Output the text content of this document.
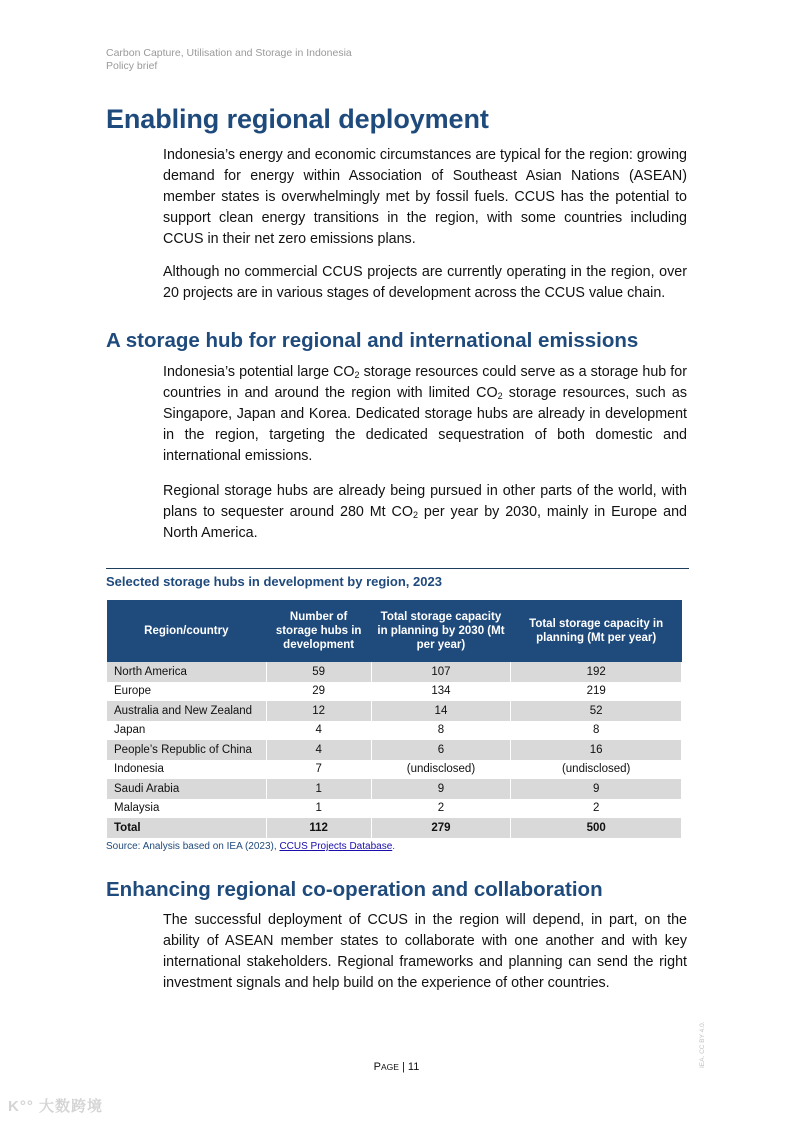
Carbon Capture, Utilisation and Storage in Indonesia
Policy brief
Enabling regional deployment

Indonesia’s energy and economic circumstances are typical for the region: growing demand for energy within Association of Southeast Asian Nations (ASEAN) member states is overwhelmingly met by fossil fuels. CCUS has the potential to support clean energy transitions in the region, with some countries including CCUS in their net zero emissions plans.

Although no commercial CCUS projects are currently operating in the region, over 20 projects are in various stages of development across the CCUS value chain.

A storage hub for regional and international emissions

Indonesia’s potential large $CO_2$ storage resources could serve as a storage hub for countries in and around the region with limited $CO_2$ storage resources, such as Singapore, Japan and Korea. Dedicated storage hubs are already in development in the region, targeting the dedicated sequestration of both domestic and international emissions.

Regional storage hubs are already being pursued in other parts of the world, with plans to sequester around 280 Mt $CO_2$ per year by 2030, mainly in Europe and North America.

Selected storage hubs in development by region, 2023
Region/country	Number of storage hubs in development	Total storage capacity in planning by 2030 (Mt per year)	Total storage capacity in planning (Mt per year)
North America	59	107	192
Europe	29	134	219
Australia and New Zealand	12	14	52
Japan	4	8	8
People’s Republic of China	4	6	16
Indonesia	7	(undisclosed)	(undisclosed)
Saudi Arabia	1	9	9
Malaysia	1	2	2
Total	112	279	500
Source: Analysis based on IEA (2023), CCUS Projects Database.
Enhancing regional co-operation and collaboration

The successful deployment of CCUS in the region will depend, in part, on the ability of ASEAN member states to collaborate with one another and with key international stakeholders. Regional frameworks and planning can send the right investment signals and help build on the experience of other countries.

PAGE | 11	IEA. CC BY 4.0.
K°° 大数跨境
